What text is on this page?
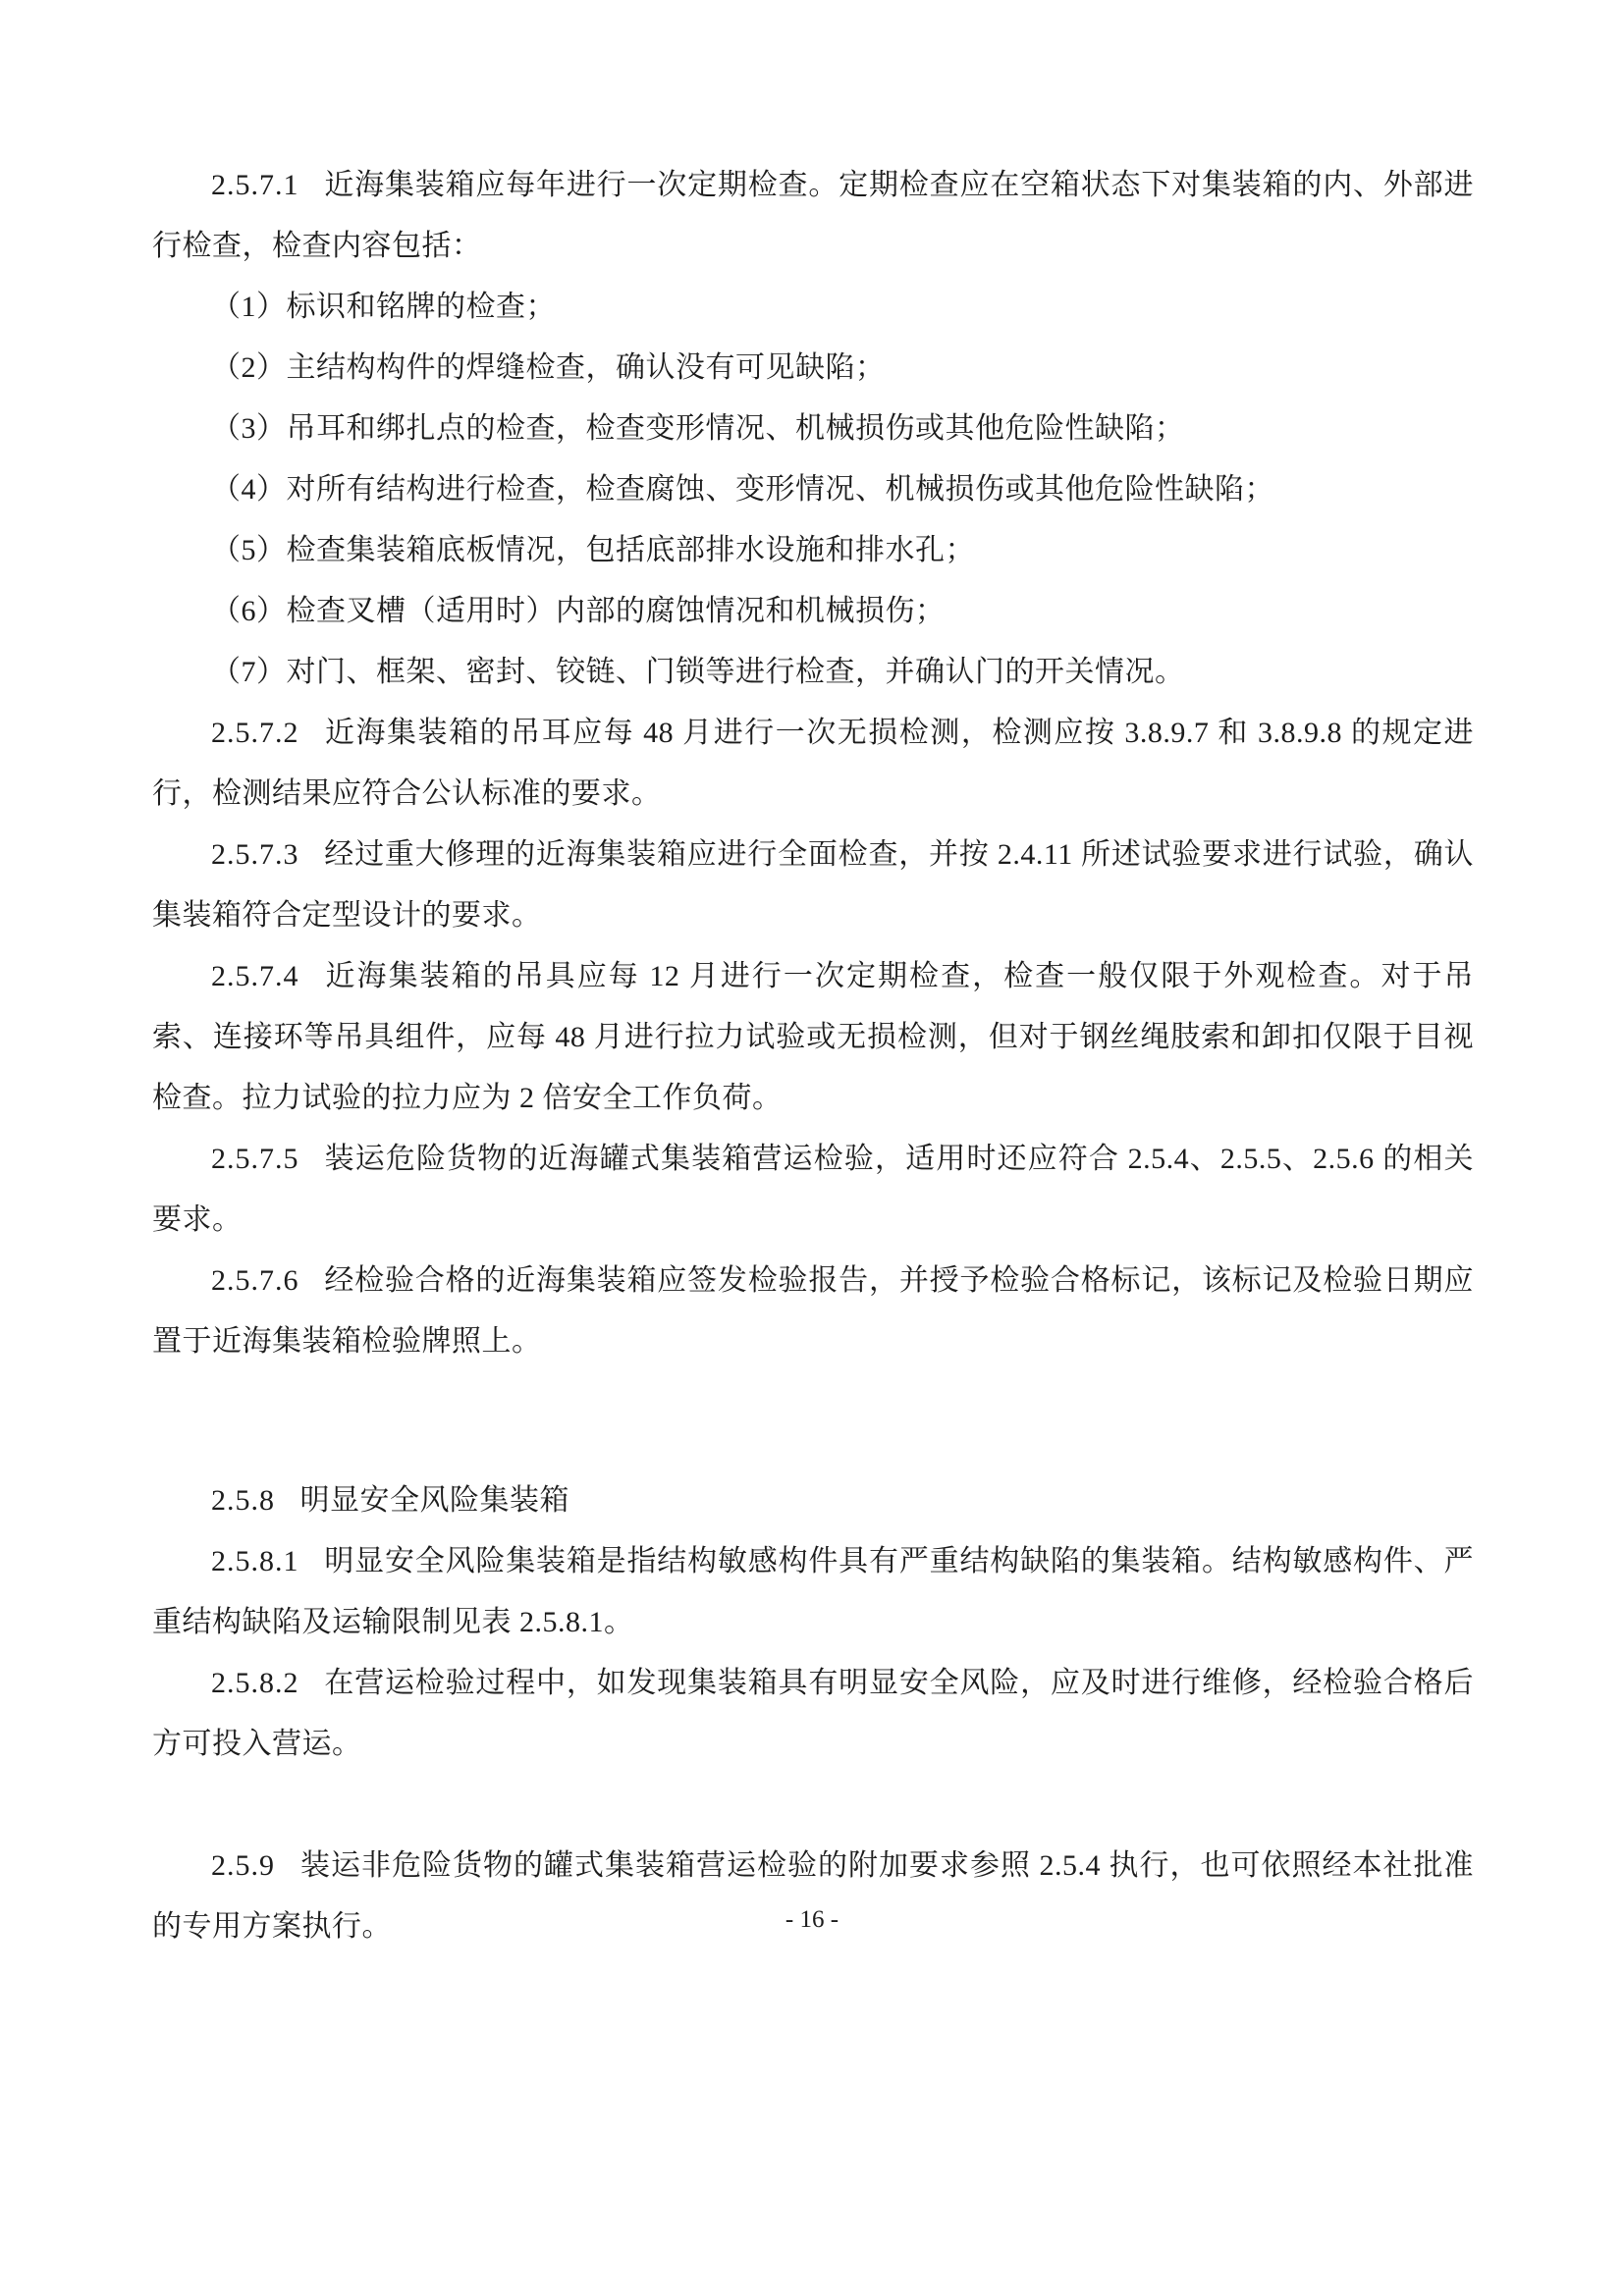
2.5.7.1 近海集装箱应每年进行一次定期检查。定期检查应在空箱状态下对集装箱的内、外部进行检查，检查内容包括：

（1）标识和铭牌的检查；

（2）主结构构件的焊缝检查，确认没有可见缺陷；

（3）吊耳和绑扎点的检查，检查变形情况、机械损伤或其他危险性缺陷；

（4）对所有结构进行检查，检查腐蚀、变形情况、机械损伤或其他危险性缺陷；

（5）检查集装箱底板情况，包括底部排水设施和排水孔；

（6）检查叉槽（适用时）内部的腐蚀情况和机械损伤；

（7）对门、框架、密封、铰链、门锁等进行检查，并确认门的开关情况。

2.5.7.2 近海集装箱的吊耳应每 48 月进行一次无损检测，检测应按 3.8.9.7 和 3.8.9.8 的规定进行，检测结果应符合公认标准的要求。

2.5.7.3 经过重大修理的近海集装箱应进行全面检查，并按 2.4.11 所述试验要求进行试验，确认集装箱符合定型设计的要求。

2.5.7.4 近海集装箱的吊具应每 12 月进行一次定期检查，检查一般仅限于外观检查。对于吊索、连接环等吊具组件，应每 48 月进行拉力试验或无损检测，但对于钢丝绳肢索和卸扣仅限于目视检查。拉力试验的拉力应为 2 倍安全工作负荷。

2.5.7.5 装运危险货物的近海罐式集装箱营运检验，适用时还应符合 2.5.4、2.5.5、2.5.6 的相关要求。

2.5.7.6 经检验合格的近海集装箱应签发检验报告，并授予检验合格标记，该标记及检验日期应置于近海集装箱检验牌照上。

2.5.8 明显安全风险集装箱

2.5.8.1 明显安全风险集装箱是指结构敏感构件具有严重结构缺陷的集装箱。结构敏感构件、严重结构缺陷及运输限制见表 2.5.8.1。

2.5.8.2 在营运检验过程中，如发现集装箱具有明显安全风险，应及时进行维修，经检验合格后方可投入营运。

2.5.9 装运非危险货物的罐式集装箱营运检验的附加要求参照 2.5.4 执行，也可依照经本社批准的专用方案执行。	- 16 -
